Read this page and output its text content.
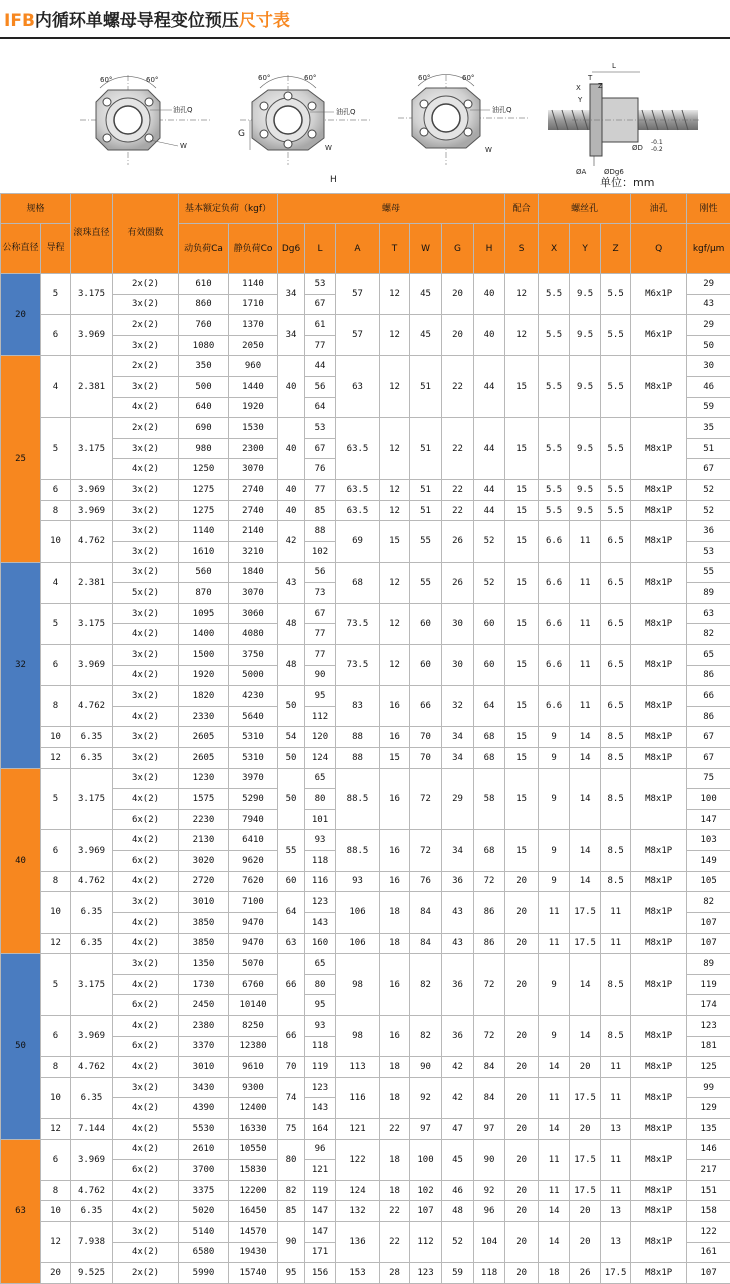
IFB内循环单螺母导程变位预压尺寸表
60°	60°
油孔Q
W
60°	60°
G
油孔Q
H
W
60°	60°
油孔Q
W
L
T
Z
X
Y
ØA	ØDg6
ØD
-0.1
-0.2
单位：mm
规格		滚珠直径	有效圈数	基本额定负荷（kgf）		螺母							配合	螺丝孔			油孔	刚性
公称直径	导程			动负荷Ca	静负荷Co	Dg6	L	A	T	W	G	H	S	X	Y	Z	Q	kgf/μm
20	5	3.175	2x(2)	610	1140	34	53	57	12	45	20	40	12	5.5	9.5	5.5	M6x1P	29
			3x(2)	860	1710		67											43
	6	3.969	2x(2)	760	1370	34	61	57	12	45	20	40	12	5.5	9.5	5.5	M6x1P	29
			3x(2)	1080	2050		77											50
25	4	2.381	2x(2)	350	960	40	44	63	12	51	22	44	15	5.5	9.5	5.5	M8x1P	30
			3x(2)	500	1440		56											46
			4x(2)	640	1920		64											59
	5	3.175	2x(2)	690	1530	40	53	63.5	12	51	22	44	15	5.5	9.5	5.5	M8x1P	35
			3x(2)	980	2300		67											51
			4x(2)	1250	3070		76											67
	6	3.969	3x(2)	1275	2740	40	77	63.5	12	51	22	44	15	5.5	9.5	5.5	M8x1P	52
	8	3.969	3x(2)	1275	2740	40	85	63.5	12	51	22	44	15	5.5	9.5	5.5	M8x1P	52
	10	4.762	3x(2)	1140	2140	42	88	69	15	55	26	52	15	6.6	11	6.5	M8x1P	36
			3x(2)	1610	3210		102											53
32	4	2.381	3x(2)	560	1840	43	56	68	12	55	26	52	15	6.6	11	6.5	M8x1P	55
			5x(2)	870	3070		73											89
	5	3.175	3x(2)	1095	3060	48	67	73.5	12	60	30	60	15	6.6	11	6.5	M8x1P	63
			4x(2)	1400	4080		77											82
	6	3.969	3x(2)	1500	3750	48	77	73.5	12	60	30	60	15	6.6	11	6.5	M8x1P	65
			4x(2)	1920	5000		90											86
	8	4.762	3x(2)	1820	4230	50	95	83	16	66	32	64	15	6.6	11	6.5	M8x1P	66
			4x(2)	2330	5640		112											86
	10	6.35	3x(2)	2605	5310	54	120	88	16	70	34	68	15	9	14	8.5	M8x1P	67
	12	6.35	3x(2)	2605	5310	50	124	88	15	70	34	68	15	9	14	8.5	M8x1P	67
40	5	3.175	3x(2)	1230	3970	50	65	88.5	16	72	29	58	15	9	14	8.5	M8x1P	75
			4x(2)	1575	5290		80											100
			6x(2)	2230	7940		101											147
	6	3.969	4x(2)	2130	6410	55	93	88.5	16	72	34	68	15	9	14	8.5	M8x1P	103
			6x(2)	3020	9620		118											149
	8	4.762	4x(2)	2720	7620	60	116	93	16	76	36	72	20	9	14	8.5	M8x1P	105
	10	6.35	3x(2)	3010	7100	64	123	106	18	84	43	86	20	11	17.5	11	M8x1P	82
			4x(2)	3850	9470		143											107
	12	6.35	4x(2)	3850	9470	63	160	106	18	84	43	86	20	11	17.5	11	M8x1P	107
50	5	3.175	3x(2)	1350	5070	66	65	98	16	82	36	72	20	9	14	8.5	M8x1P	89
			4x(2)	1730	6760		80											119
			6x(2)	2450	10140		95											174
	6	3.969	4x(2)	2380	8250	66	93	98	16	82	36	72	20	9	14	8.5	M8x1P	123
			6x(2)	3370	12380		118											181
	8	4.762	4x(2)	3010	9610	70	119	113	18	90	42	84	20	14	20	11	M8x1P	125
	10	6.35	3x(2)	3430	9300	74	123	116	18	92	42	84	20	11	17.5	11	M8x1P	99
			4x(2)	4390	12400		143											129
	12	7.144	4x(2)	5530	16330	75	164	121	22	97	47	97	20	14	20	13	M8x1P	135
63	6	3.969	4x(2)	2610	10550	80	96	122	18	100	45	90	20	11	17.5	11	M8x1P	146
			6x(2)	3700	15830		121											217
	8	4.762	4x(2)	3375	12200	82	119	124	18	102	46	92	20	11	17.5	11	M8x1P	151
	10	6.35	4x(2)	5020	16450	85	147	132	22	107	48	96	20	14	20	13	M8x1P	158
	12	7.938	3x(2)	5140	14570	90	147	136	22	112	52	104	20	14	20	13	M8x1P	122
			4x(2)	6580	19430		171											161
	20	9.525	2x(2)	5990	15740	95	156	153	28	123	59	118	20	18	26	17.5	M8x1P	107
